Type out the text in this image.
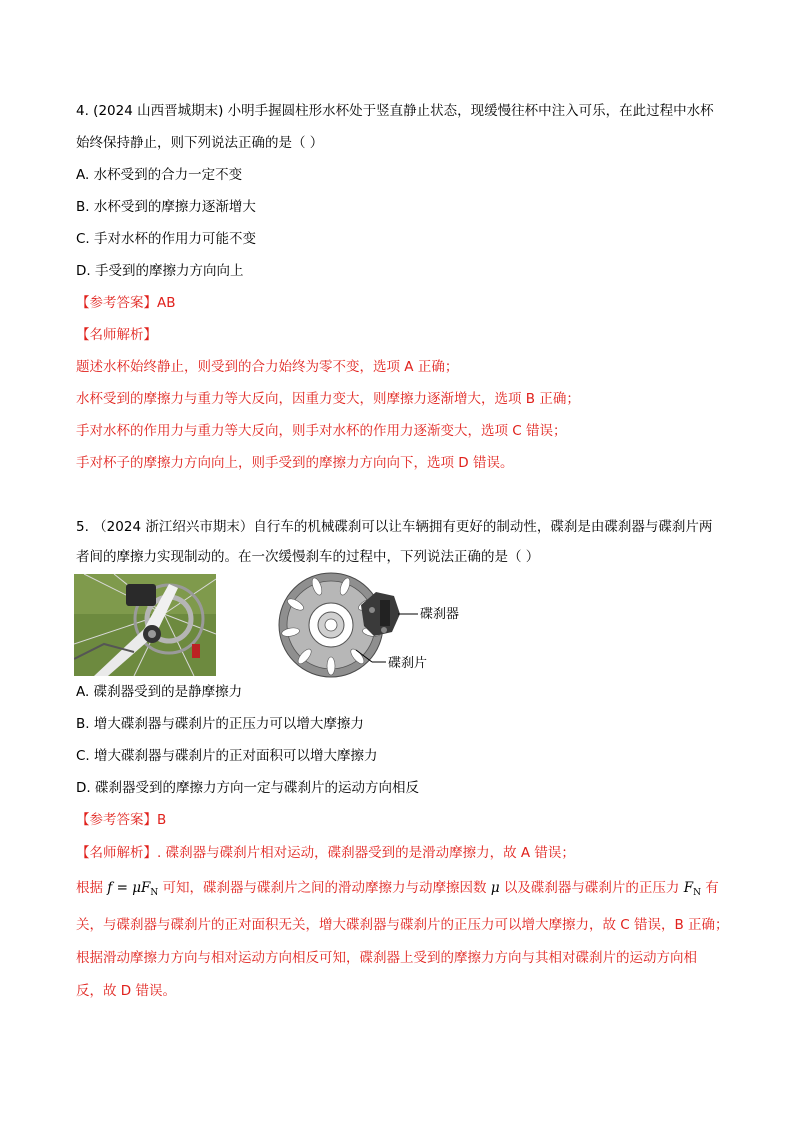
4. (2024 山西晋城期末) 小明手握圆柱形水杯处于竖直静止状态，现缓慢往杯中注入可乐，在此过程中水杯
始终保持静止，则下列说法正确的是（ ）
A. 水杯受到的合力一定不变
B. 水杯受到的摩擦力逐渐增大
C. 手对水杯的作用力可能不变
D. 手受到的摩擦力方向向上
【参考答案】AB
【名师解析】
题述水杯始终静止，则受到的合力始终为零不变，选项 A 正确；
水杯受到的摩擦力与重力等大反向，因重力变大，则摩擦力逐渐增大，选项 B 正确；
手对水杯的作用力与重力等大反向，则手对水杯的作用力逐渐变大，选项 C 错误；
手对杯子的摩擦力方向向上，则手受到的摩擦力方向向下，选项 D 错误。
5. （2024 浙江绍兴市期末）自行车的机械碟刹可以让车辆拥有更好的制动性，碟刹是由碟刹器与碟刹片两
者间的摩擦力实现制动的。在一次缓慢刹车的过程中，下列说法正确的是（ ）
碟刹器
碟刹片
A. 碟刹器受到的是静摩擦力
B. 增大碟刹器与碟刹片的正压力可以增大摩擦力
C. 增大碟刹器与碟刹片的正对面积可以增大摩擦力
D. 碟刹器受到的摩擦力方向一定与碟刹片的运动方向相反
【参考答案】B
【名师解析】. 碟刹器与碟刹片相对运动，碟刹器受到的是滑动摩擦力，故 A 错误；
根据 $f = \mu F_N$ 可知，碟刹器与碟刹片之间的滑动摩擦力与动摩擦因数 μ 以及碟刹器与碟刹片的正压力 $F_N$ 有
关，与碟刹器与碟刹片的正对面积无关，增大碟刹器与碟刹片的正压力可以增大摩擦力，故 C 错误，B 正确；
根据滑动摩擦力方向与相对运动方向相反可知，碟刹器上受到的摩擦力方向与其相对碟刹片的运动方向相
反，故 D 错误。
